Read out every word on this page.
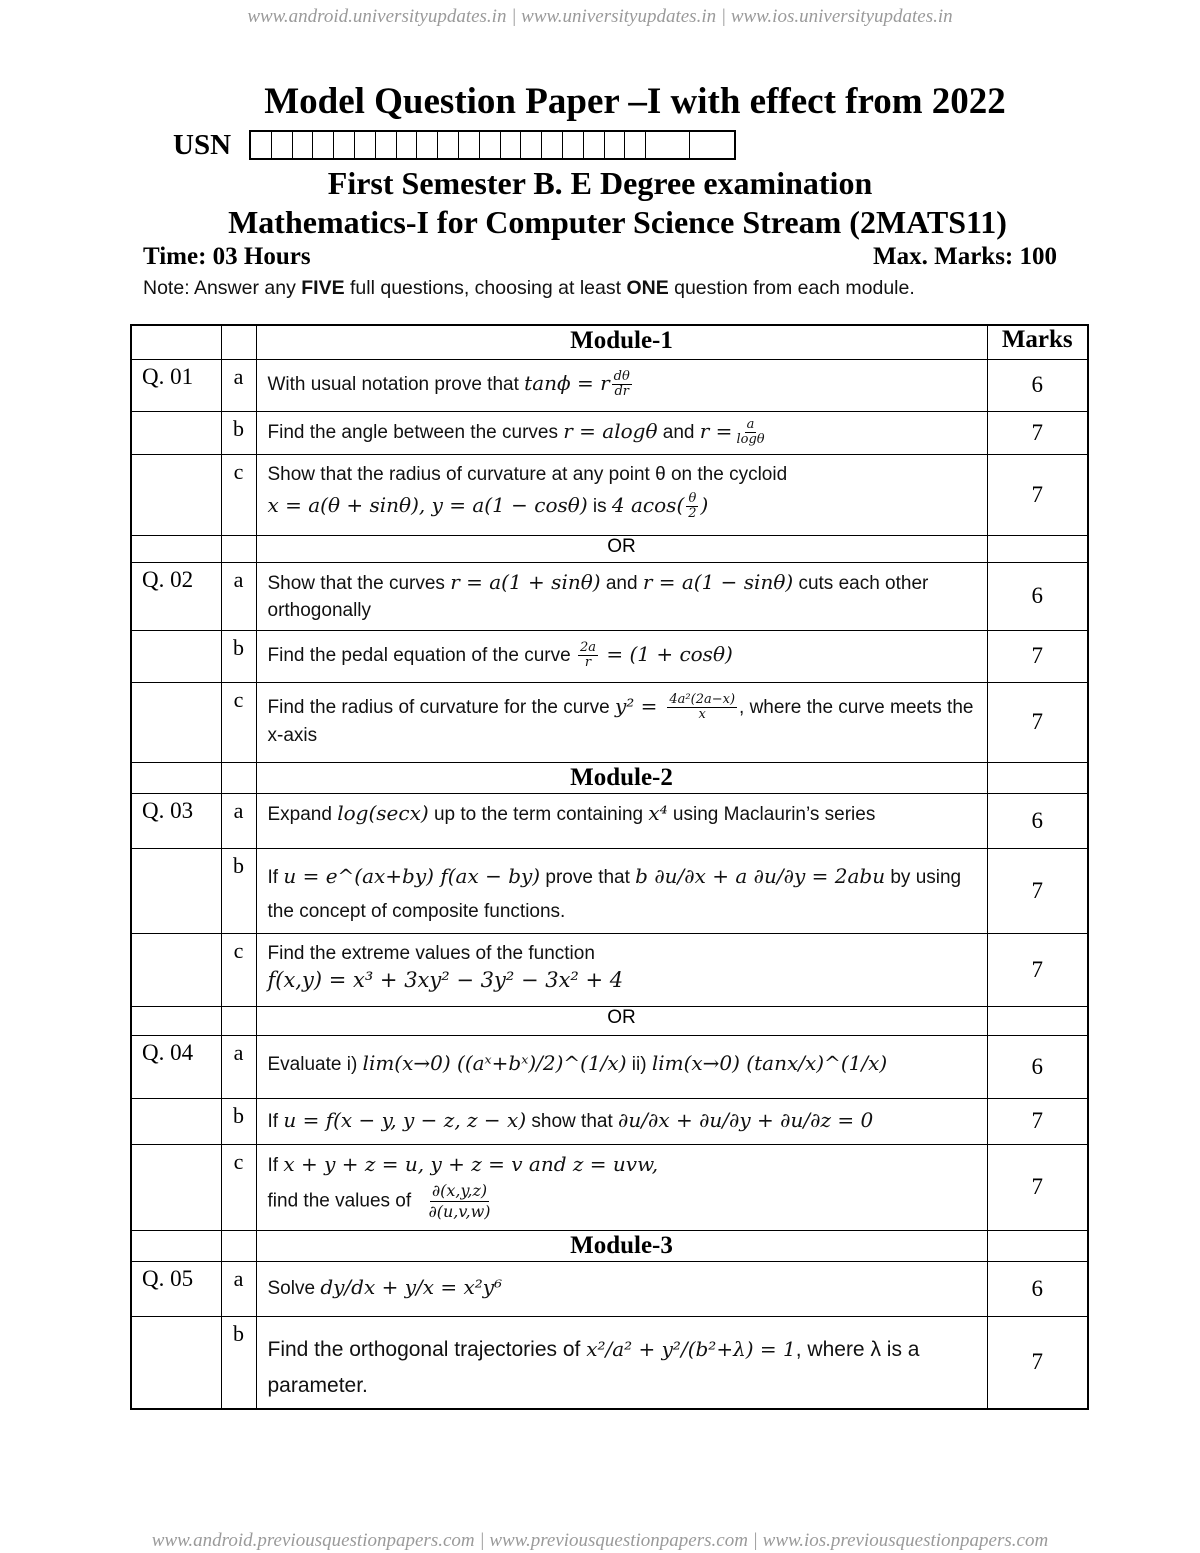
www.android.universityupdates.in | www.universityupdates.in | www.ios.universityupdates.in
Model Question Paper –I with effect from 2022
USN
First Semester B. E Degree examination
Mathematics-I for Computer Science Stream (2MATS11)
Time: 03 Hours	Max. Marks: 100
Note: Answer any FIVE full questions, choosing at least ONE question from each module.
		Module-1	Marks
Q. 01	a	With usual notation prove that tanϕ = r $\frac{d\theta}{dr}$	6
	b	Find the angle between the curves r = alogθ and $r = \frac{a}{\log\theta}$	7
	c	Show that the radius of curvature at any point θ on the cycloid
x = a(θ + sinθ), y = a(1 − cosθ) is 4 $acos( \frac{\theta}{2}$ )	7
		OR	
Q. 02	a	Show that the curves r = a(1 + sinθ) and r = a(1 − sinθ) cuts each other orthogonally	6
	b	Find the pedal equation of the curve $\frac{2a}{r} = (1 + \cos\theta)$	7
	c	Find the radius of curvature for the curve $y^2 = \frac{\text{4a²(2a−x)}}{x}$ , where the curve meets the x-axis	7
		Module-2	
Q. 03	a	Expand log(secx) up to the term containing x⁴ using Maclaurin’s series	6
	b	If u = e^(ax+by) f(ax − by) prove that b ∂u/∂x + a ∂u/∂y = 2abu by using the concept of composite functions.	7
	c	Find the extreme values of the function
f(x,y) = x³ + 3xy² − 3y² − 3x² + 4	7
		OR	
Q. 04	a	Evaluate i) lim(x→0) ((aˣ+bˣ)/2)^(1/x) ii) lim(x→0) (tanx/x)^(1/x)	6
	b	If u = f(x − y, y − z, z − x) show that ∂u/∂x + ∂u/∂y + ∂u/∂z = 0	7
	c	If x + y + z = u, y + z = v and z = uvw,
find the values of $\frac{\partial(x,y,z)}{\partial(u,v,w)}$	7
		Module-3	
Q. 05	a	Solve dy/dx + y/x = x²y⁶	6
	b	Find the orthogonal trajectories of x²/a² + y²/(b²+λ) = 1, where λ is a parameter.	7
www.android.previousquestionpapers.com | www.previousquestionpapers.com | www.ios.previousquestionpapers.com
